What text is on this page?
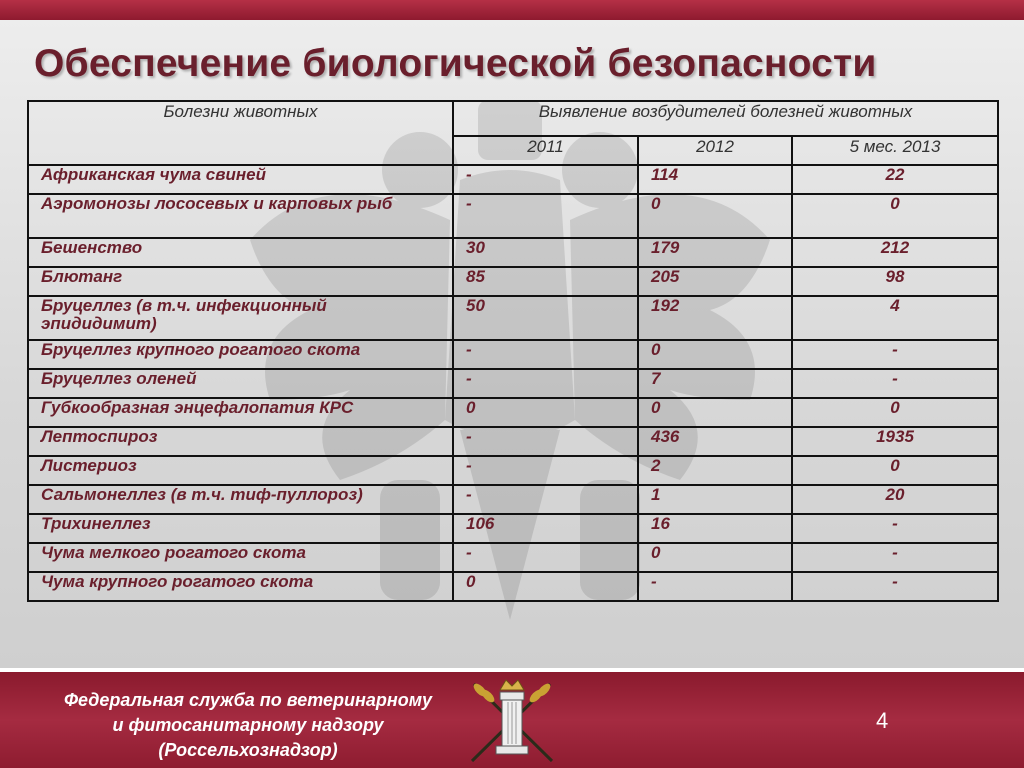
Обеспечение биологической безопасности
Болезни животных	Выявление возбудителей болезней животных		
	2011	2012	5 мес. 2013
Африканская чума свиней	-	114	22
Аэромонозы лососевых и карповых рыб	-	0	0
Бешенство	30	179	212
Блютанг	85	205	98
Бруцеллез (в т.ч. инфекционный эпидидимит)	50	192	4
Бруцеллез крупного рогатого скота	-	0	-
Бруцеллез оленей	-	7	-
Губкообразная энцефалопатия КРС	0	0	0
Лептоспироз	-	436	1935
Листериоз	-	2	0
Сальмонеллез (в т.ч. тиф-пуллороз)	-	1	20
Трихинеллез	106	16	-
Чума мелкого рогатого скота	-	0	-
Чума крупного рогатого скота	0	-	-
Федеральная служба по ветеринарному
и фитосанитарному надзору
(Россельхознадзор)
4
